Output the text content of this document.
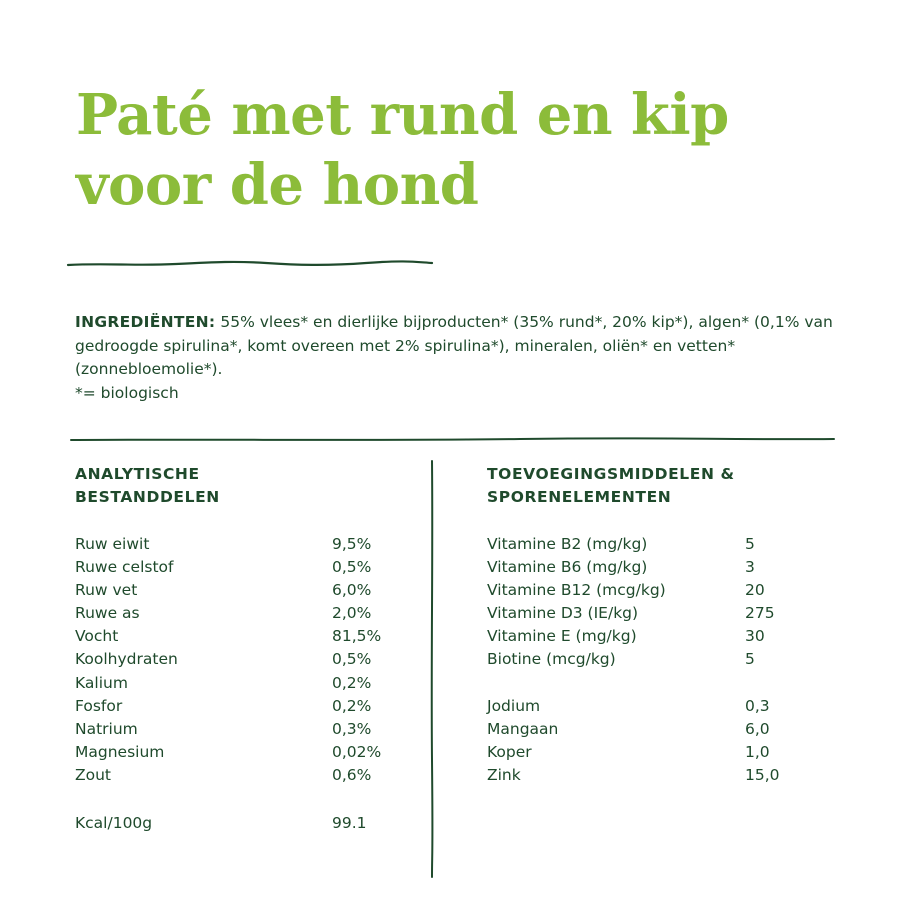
Paté met rund en kip
voor de hond

INGREDIËNTEN: 55% vlees* en dierlijke bijproducten* (35% rund*, 20% kip*), algen* (0,1% van gedroogde spirulina*, komt overeen met 2% spirulina*), mineralen, oliën* en vetten* (zonnebloemolie*).
*= biologisch

ANALYTISCHE
BESTANDDELEN
Ruw eiwit	9,5%
Ruwe celstof	0,5%
Ruw vet	6,0%
Ruwe as	2,0%
Vocht	81,5%
Koolhydraten	0,5%
Kalium	0,2%
Fosfor	0,2%
Natrium	0,3%
Magnesium	0,02%
Zout	0,6%
Kcal/100g	99.1
TOEVOEGINGSMIDDELEN &
SPORENELEMENTEN
Vitamine B2 (mg/kg)	5
Vitamine B6 (mg/kg)	3
Vitamine B12 (mcg/kg)	20
Vitamine D3 (IE/kg)	275
Vitamine E (mg/kg)	30
Biotine (mcg/kg)	5
Jodium	0,3
Mangaan	6,0
Koper	1,0
Zink	15,0
